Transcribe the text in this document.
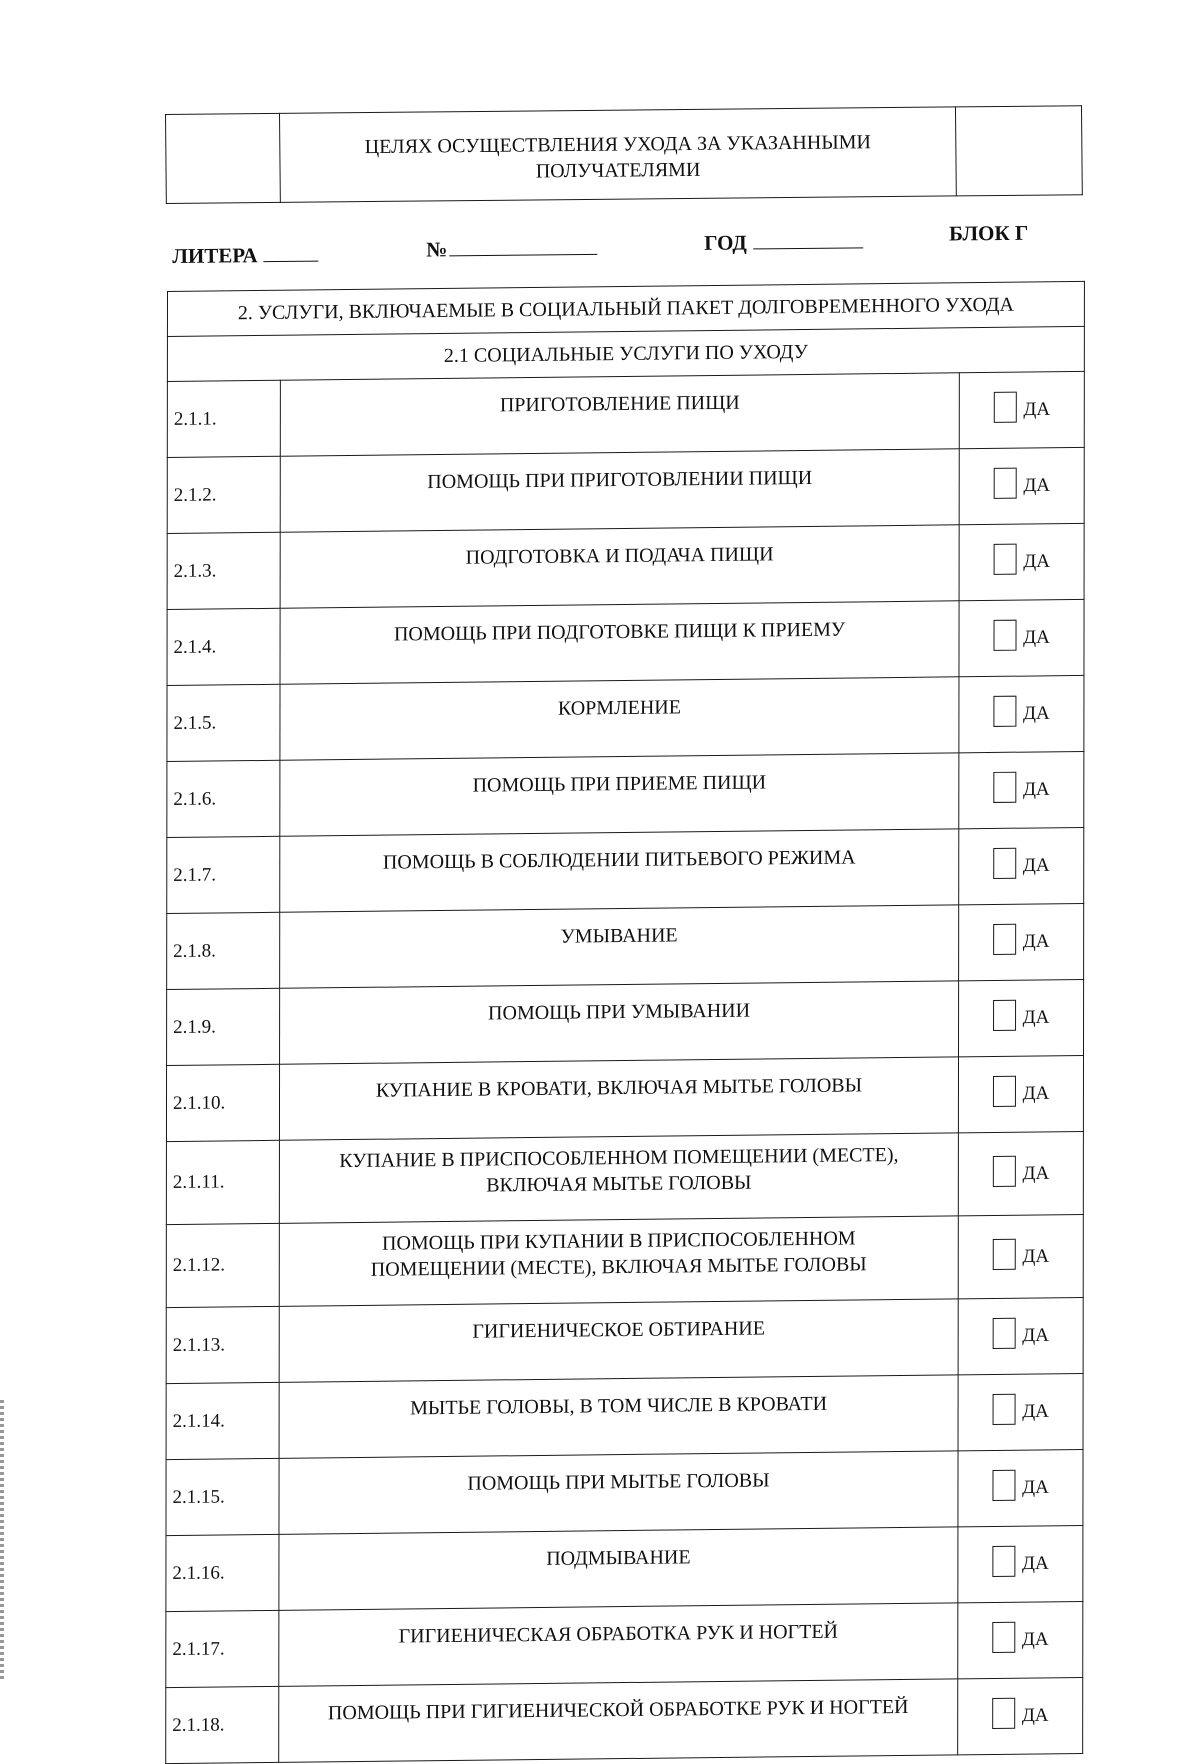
ЦЕЛЯХ ОСУЩЕСТВЛЕНИЯ УХОДА ЗА УКАЗАННЫМИ
ПОЛУЧАТЕЛЯМИ

ЛИТЕРА	№	ГОД	БЛОК Г
2. УСЛУГИ, ВКЛЮЧАЕМЫЕ В СОЦИАЛЬНЫЙ ПАКЕТ ДОЛГОВРЕМЕННОГО УХОДА		
2.1 СОЦИАЛЬНЫЕ УСЛУГИ ПО УХОДУ		
2.1.1.	ПРИГОТОВЛЕНИЕ ПИЩИ	ДА
2.1.2.	ПОМОЩЬ ПРИ ПРИГОТОВЛЕНИИ ПИЩИ	ДА
2.1.3.	ПОДГОТОВКА И ПОДАЧА ПИЩИ	ДА
2.1.4.	ПОМОЩЬ ПРИ ПОДГОТОВКЕ ПИЩИ К ПРИЕМУ	ДА
2.1.5.	КОРМЛЕНИЕ	ДА
2.1.6.	ПОМОЩЬ ПРИ ПРИЕМЕ ПИЩИ	ДА
2.1.7.	ПОМОЩЬ В СОБЛЮДЕНИИ ПИТЬЕВОГО РЕЖИМА	ДА
2.1.8.	УМЫВАНИЕ	ДА
2.1.9.	ПОМОЩЬ ПРИ УМЫВАНИИ	ДА
2.1.10.	КУПАНИЕ В КРОВАТИ, ВКЛЮЧАЯ МЫТЬЕ ГОЛОВЫ	ДА
2.1.11.	КУПАНИЕ В ПРИСПОСОБЛЕННОМ ПОМЕЩЕНИИ (МЕСТЕ),
ВКЛЮЧАЯ МЫТЬЕ ГОЛОВЫ	ДА
2.1.12.	ПОМОЩЬ ПРИ КУПАНИИ В ПРИСПОСОБЛЕННОМ
ПОМЕЩЕНИИ (МЕСТЕ), ВКЛЮЧАЯ МЫТЬЕ ГОЛОВЫ	ДА
2.1.13.	ГИГИЕНИЧЕСКОЕ ОБТИРАНИЕ	ДА
2.1.14.	МЫТЬЕ ГОЛОВЫ, В ТОМ ЧИСЛЕ В КРОВАТИ	ДА
2.1.15.	ПОМОЩЬ ПРИ МЫТЬЕ ГОЛОВЫ	ДА
2.1.16.	ПОДМЫВАНИЕ	ДА
2.1.17.	ГИГИЕНИЧЕСКАЯ ОБРАБОТКА РУК И НОГТЕЙ	ДА
2.1.18.	ПОМОЩЬ ПРИ ГИГИЕНИЧЕСКОЙ ОБРАБОТКЕ РУК И НОГТЕЙ	ДА
